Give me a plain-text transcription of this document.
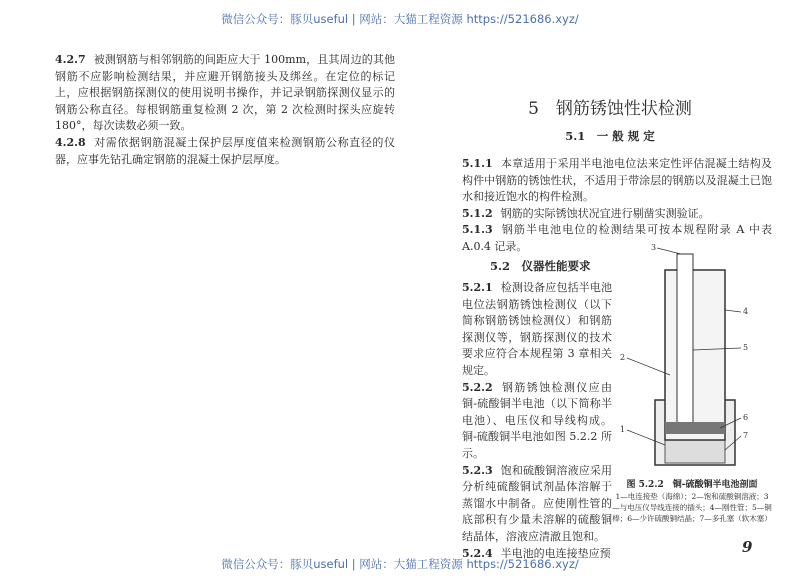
微信公众号：豚贝useful | 网站：大猫工程资源 https://521686.xyz/

4.2.7 被测钢筋与相邻钢筋的间距应大于 100mm，且其周边的其他钢筋不应影响检测结果，并应避开钢筋接头及绑丝。在定位的标记上，应根据钢筋探测仪的使用说明书操作，并记录钢筋探测仪显示的钢筋公称直径。每根钢筋重复检测 2 次，第 2 次检测时探头应旋转 180°，每次读数必须一致。

4.2.8 对需依据钢筋混凝土保护层厚度值来检测钢筋公称直径的仪器，应事先钻孔确定钢筋的混凝土保护层厚度。

5　钢筋锈蚀性状检测
5.1　一 般 规 定

5.1.1 本章适用于采用半电池电位法来定性评估混凝土结构及构件中钢筋的锈蚀性状，不适用于带涂层的钢筋以及混凝土已饱水和接近饱水的构件检测。

5.1.2 钢筋的实际锈蚀状况宜进行剔凿实测验证。

5.1.3 钢筋半电池电位的检测结果可按本规程附录 A 中表 A.0.4 记录。

5.2　仪器性能要求

5.2.1 检测设备应包括半电池电位法钢筋锈蚀检测仪（以下简称钢筋锈蚀检测仪）和钢筋探测仪等，钢筋探测仪的技术要求应符合本规程第 3 章相关规定。

5.2.2 钢筋锈蚀检测仪应由铜-硫酸铜半电池（以下简称半电池）、电压仪和导线构成。铜-硫酸铜半电池如图 5.2.2 所示。

5.2.3 饱和硫酸铜溶液应采用分析纯硫酸铜试剂晶体溶解于蒸馏水中制备。应使刚性管的底部积有少量未溶解的硫酸铜结晶体，溶液应清澈且饱和。

5.2.4 半电池的电连接垫应预

3
4
5
2
6
1
7
图 5.2.2　铜-硫酸铜半电池剖面
1—电连接垫（海绵）；2—饱和硫酸铜溶液；3—与电压仪导线连接的插头；4—刚性管；5—铜棒；6—少许硫酸铜结晶；7—多孔塞（软木塞）
9
微信公众号：豚贝useful | 网站：大猫工程资源 https://521686.xyz/
